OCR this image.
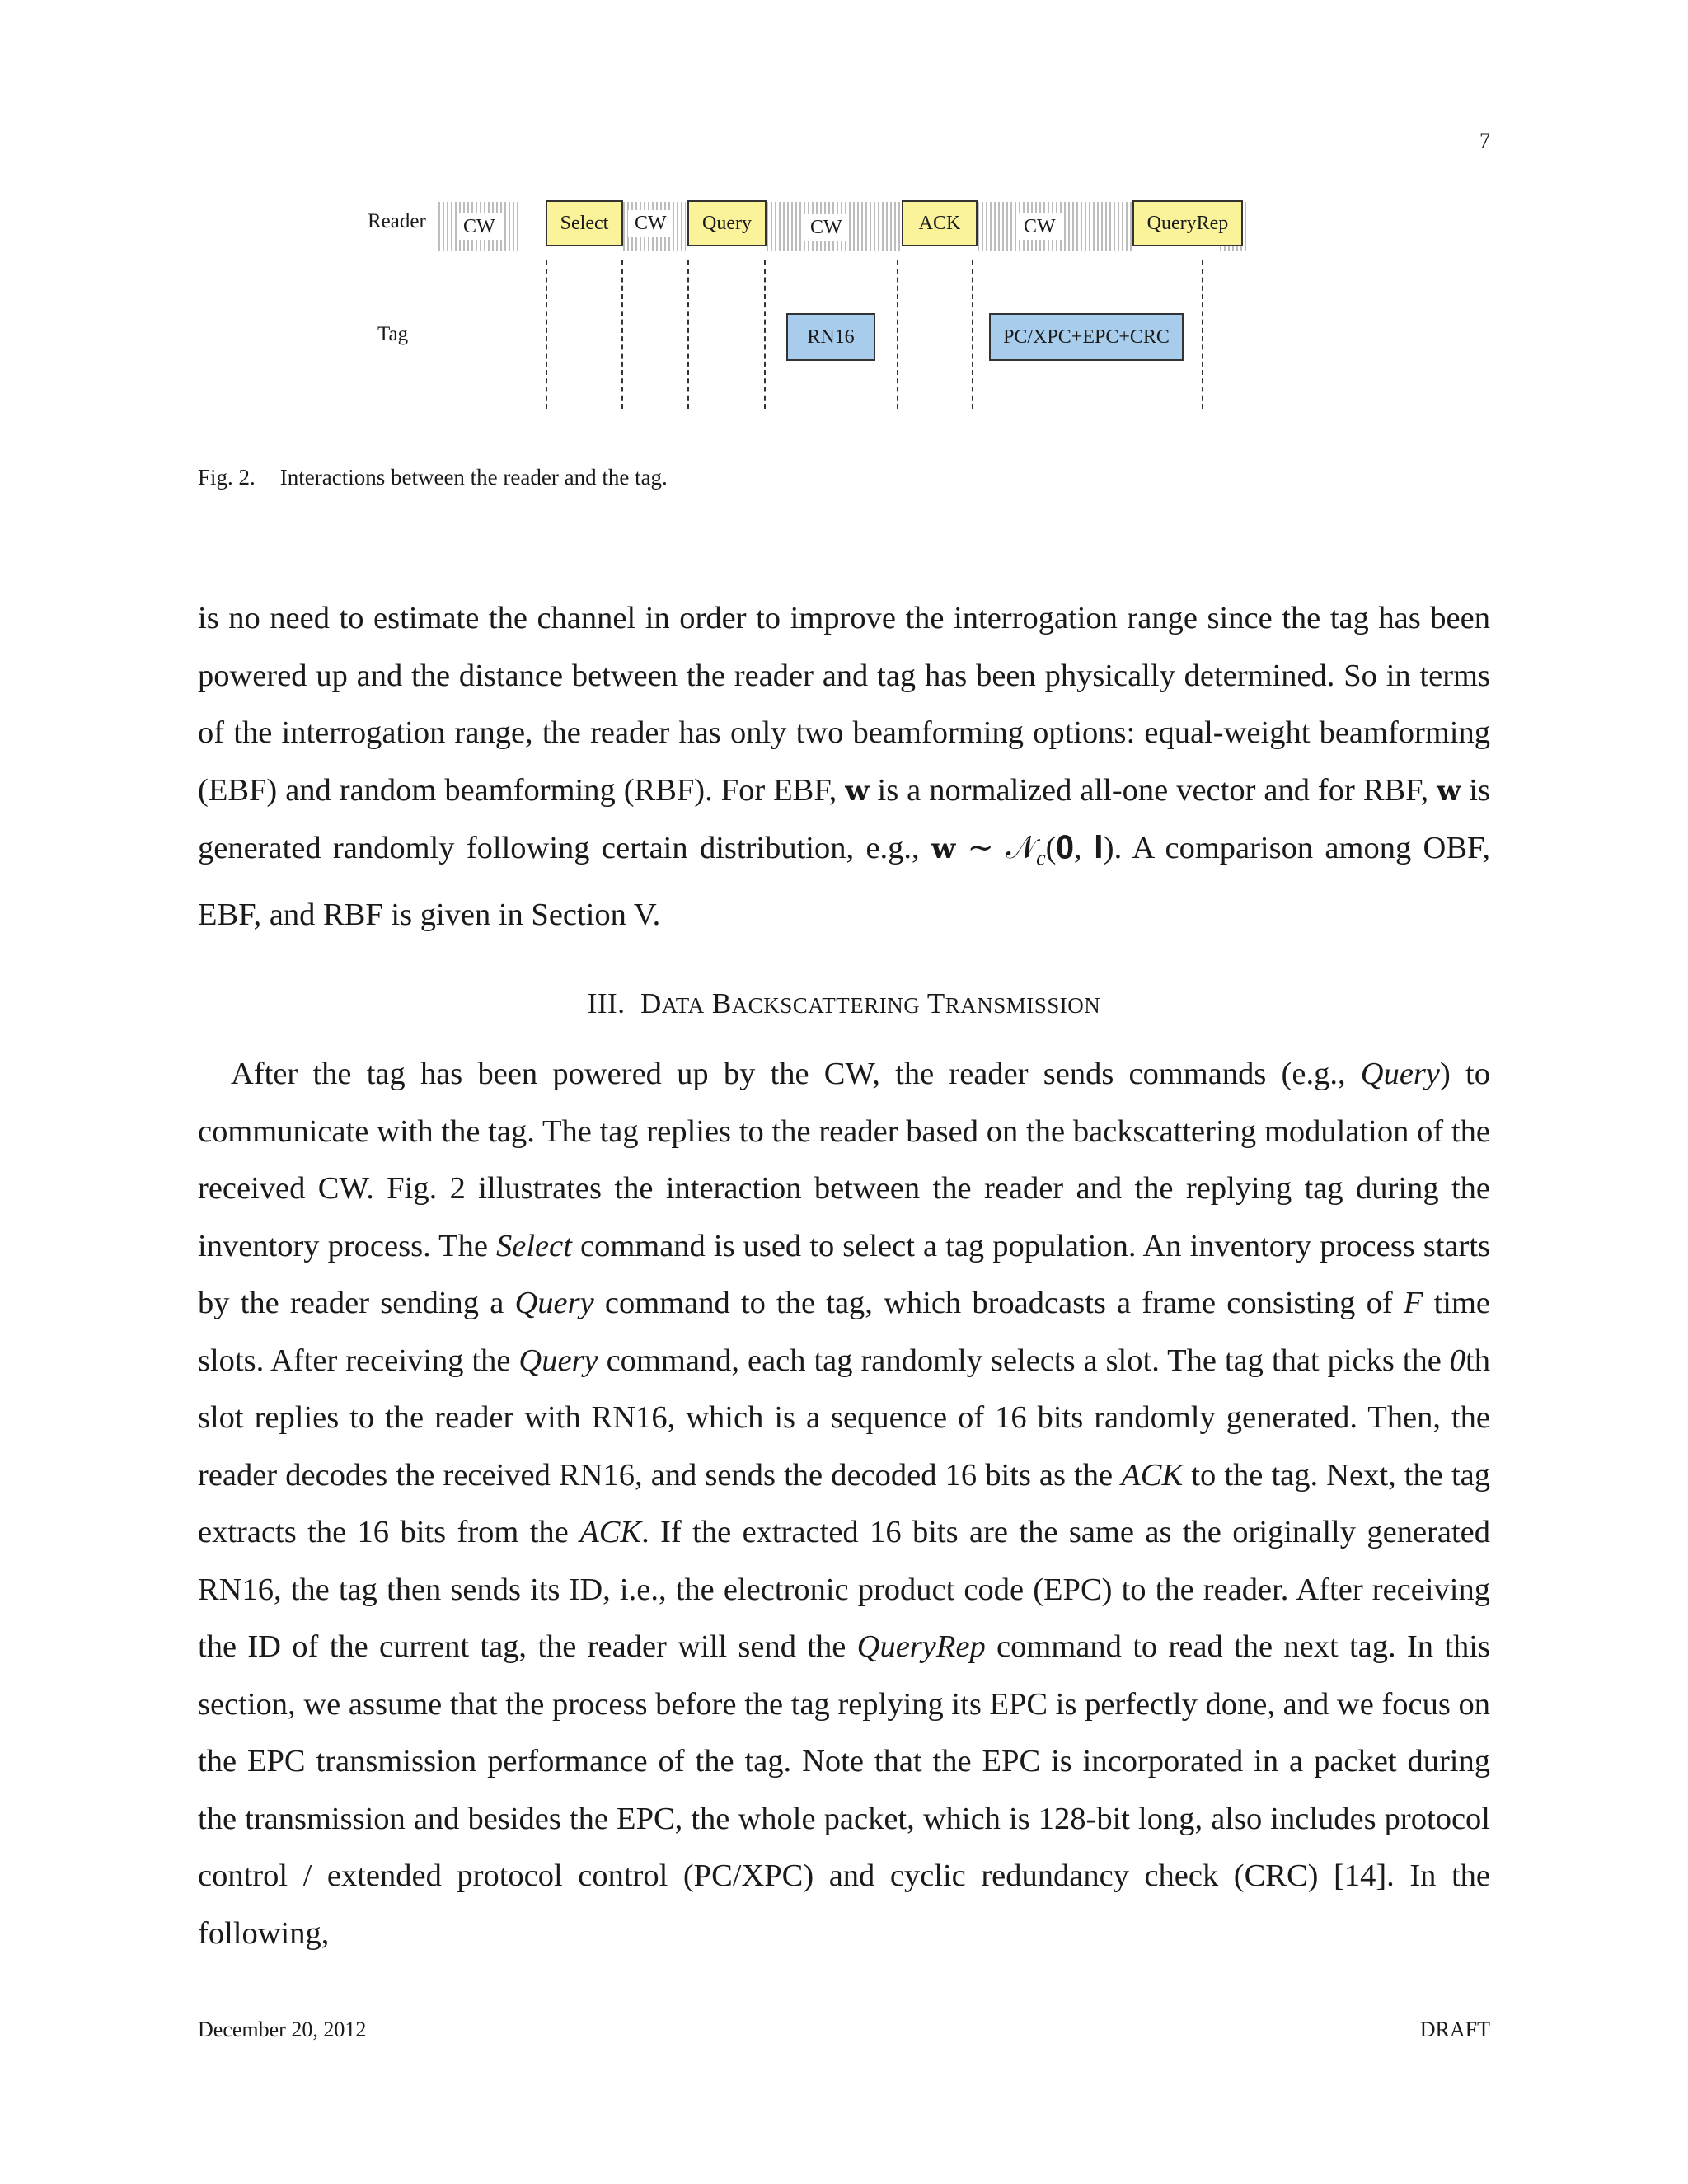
7
Reader
Tag
CW	CW	CW	CW
Select	Query	ACK	QueryRep
RN16	PC/XPC+EPC+CRC
Fig. 2. Interactions between the reader and the tag.

is no need to estimate the channel in order to improve the interrogation range since the tag has been powered up and the distance between the reader and tag has been physically determined. So in terms of the interrogation range, the reader has only two beamforming options: equal-weight beamforming (EBF) and random beamforming (RBF). For EBF, w is a normalized all-one vector and for RBF, w is generated randomly following certain distribution, e.g., w ∼ 𝒩$_c$(𝟎, 𝐈). A comparison among OBF, EBF, and RBF is given in Section V.

III. DATA BACKSCATTERING TRANSMISSION

After the tag has been powered up by the CW, the reader sends commands (e.g., Query) to communicate with the tag. The tag replies to the reader based on the backscattering modulation of the received CW. Fig. 2 illustrates the interaction between the reader and the replying tag during the inventory process. The Select command is used to select a tag population. An inventory process starts by the reader sending a Query command to the tag, which broadcasts a frame consisting of F time slots. After receiving the Query command, each tag randomly selects a slot. The tag that picks the 0th slot replies to the reader with RN16, which is a sequence of 16 bits randomly generated. Then, the reader decodes the received RN16, and sends the decoded 16 bits as the ACK to the tag. Next, the tag extracts the 16 bits from the ACK. If the extracted 16 bits are the same as the originally generated RN16, the tag then sends its ID, i.e., the electronic product code (EPC) to the reader. After receiving the ID of the current tag, the reader will send the QueryRep command to read the next tag. In this section, we assume that the process before the tag replying its EPC is perfectly done, and we focus on the EPC transmission performance of the tag. Note that the EPC is incorporated in a packet during the transmission and besides the EPC, the whole packet, which is 128-bit long, also includes protocol control / extended protocol control (PC/XPC) and cyclic redundancy check (CRC) [14]. In the following,

December 20, 2012	DRAFT
